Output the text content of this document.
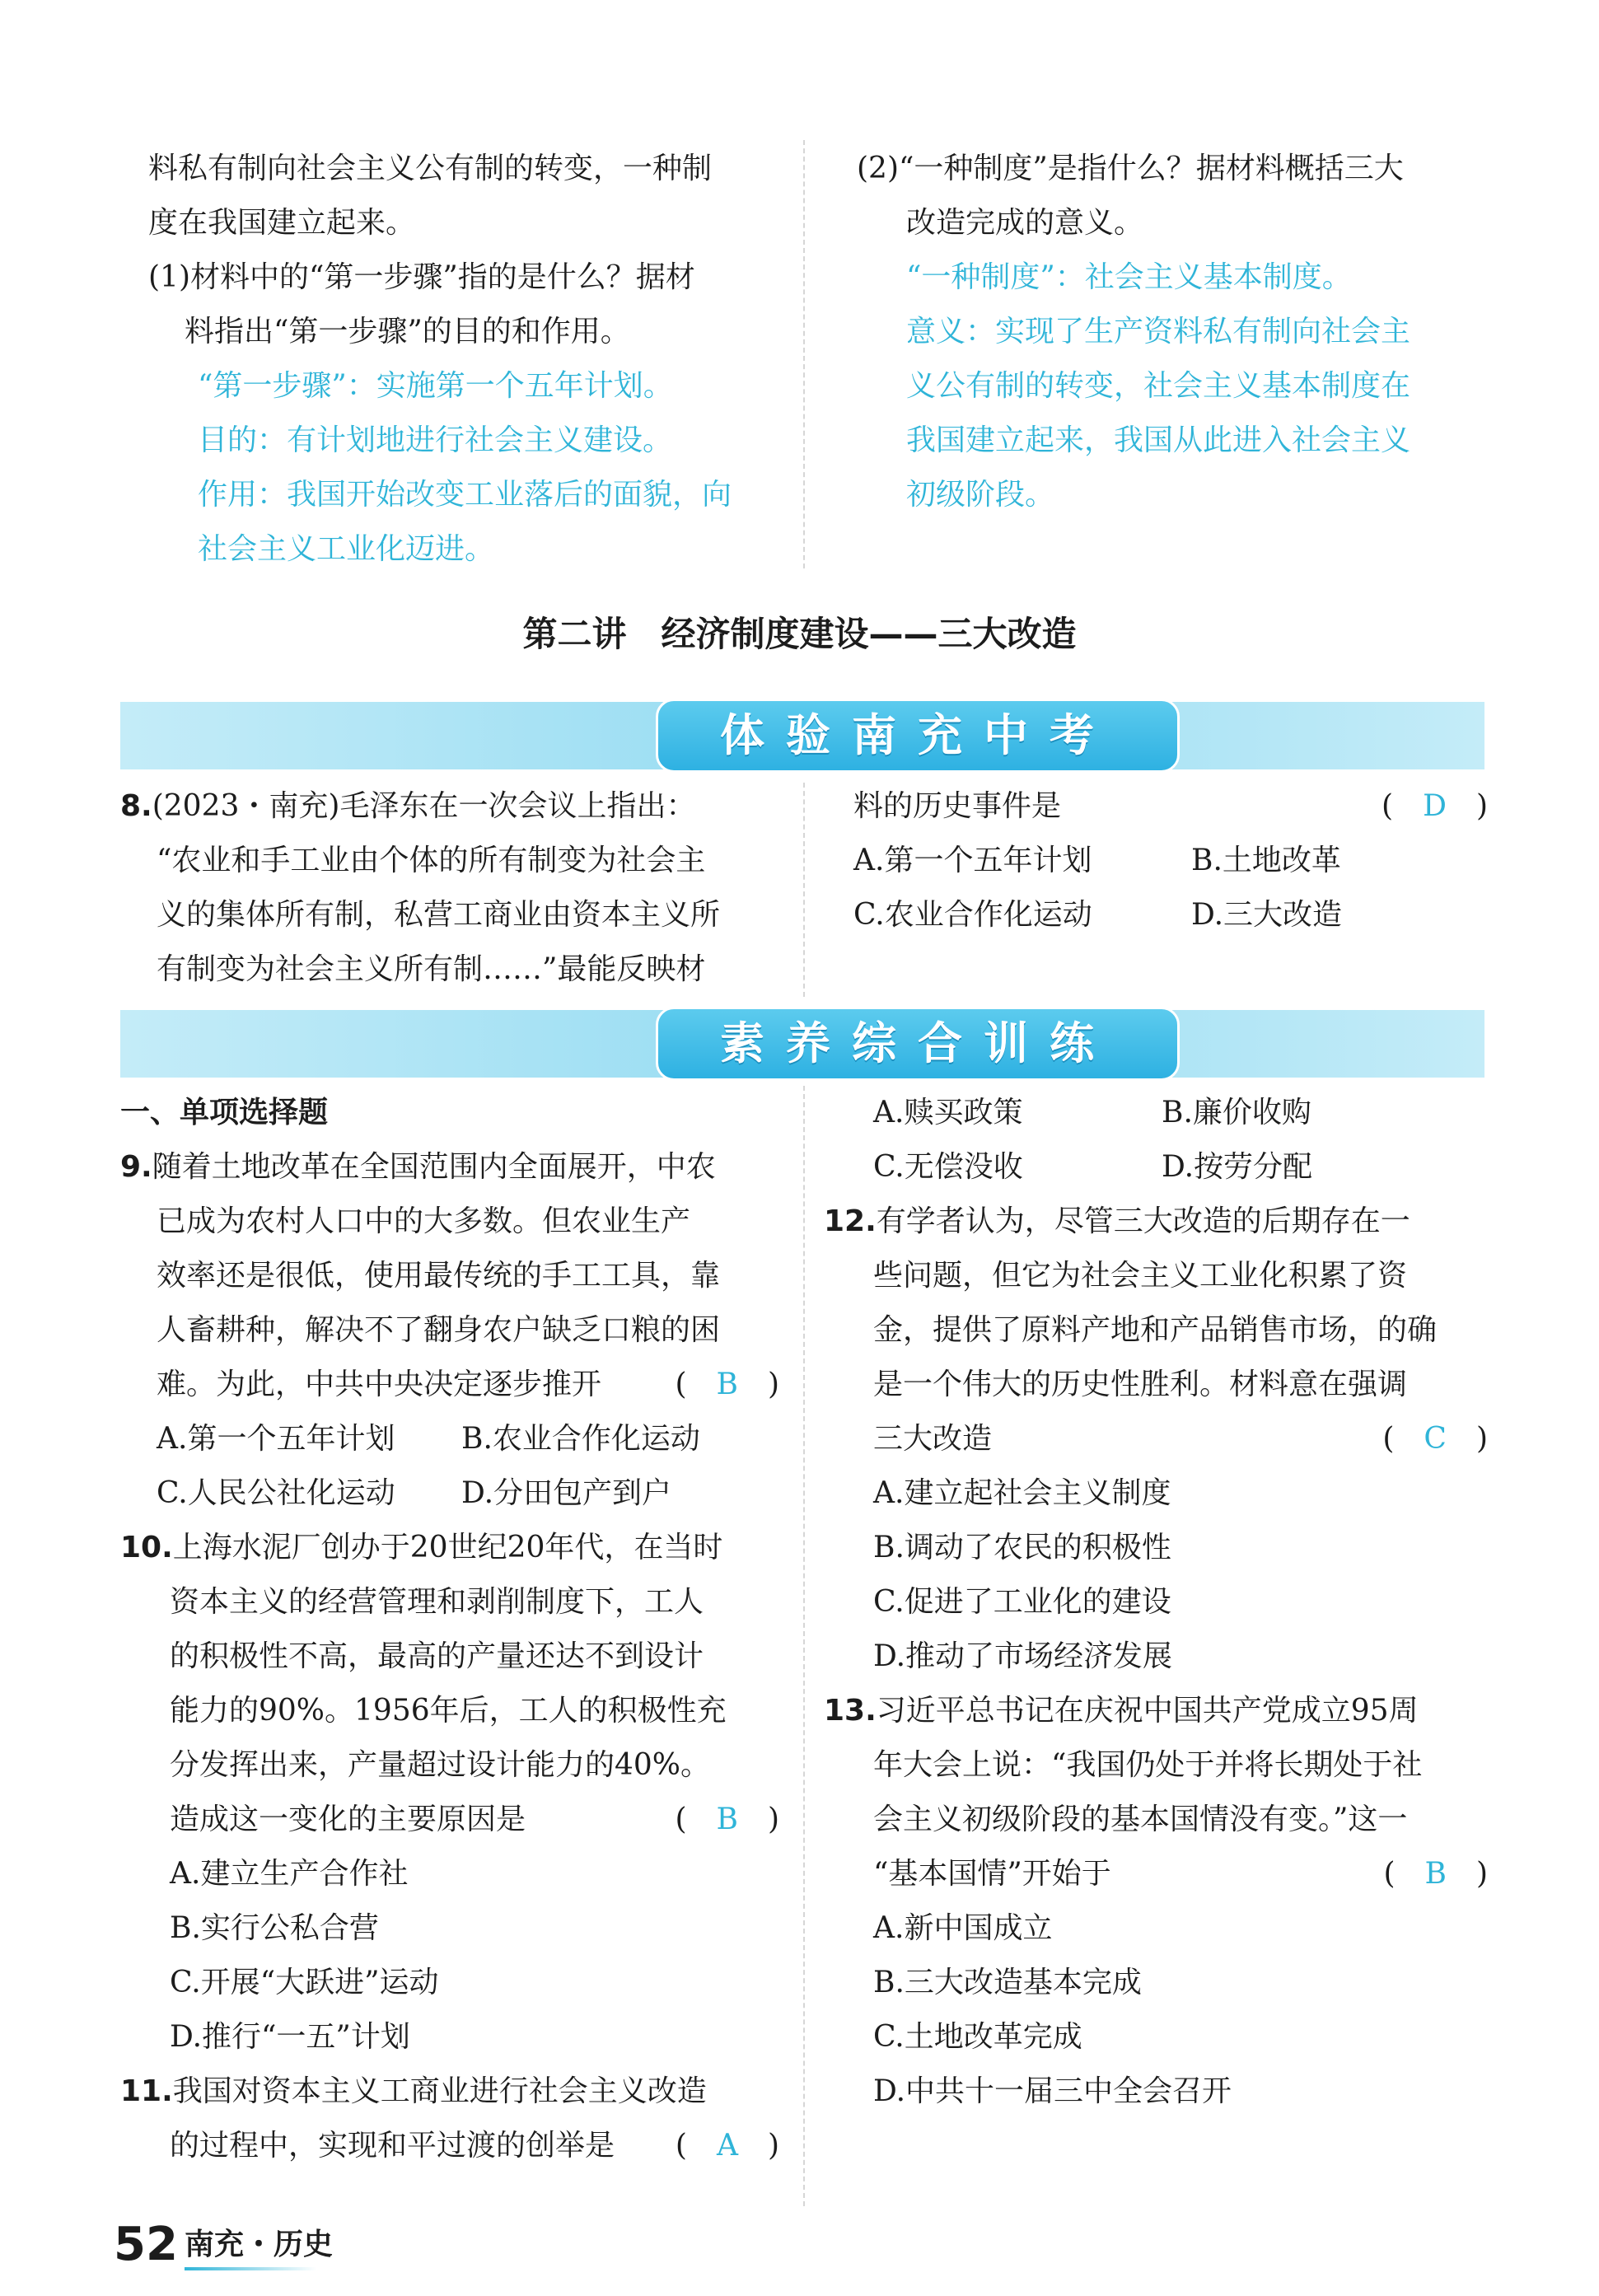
料私有制向社会主义公有制的转变，一种制
度在我国建立起来。
(1)材料中的“第一步骤”指的是什么？据材
料指出“第一步骤”的目的和作用。
“第一步骤”：实施第一个五年计划。
目的：有计划地进行社会主义建设。
作用：我国开始改变工业落后的面貌，向
社会主义工业化迈进。
(2)“一种制度”是指什么？据材料概括三大
改造完成的意义。
“一种制度”：社会主义基本制度。
意义：实现了生产资料私有制向社会主
义公有制的转变，社会主义基本制度在
我国建立起来，我国从此进入社会主义
初级阶段。
第二讲　经济制度建设——三大改造
体验南充中考
8.(2023・南充)毛泽东在一次会议上指出：
“农业和手工业由个体的所有制变为社会主
义的集体所有制，私营工商业由资本主义所
有制变为社会主义所有制……”最能反映材
料的历史事件是	(　D　)
A.第一个五年计划	B.土地改革
C.农业合作化运动	D.三大改造
素养综合训练
一、单项选择题
9.随着土地改革在全国范围内全面展开，中农
已成为农村人口中的大多数。但农业生产
效率还是很低，使用最传统的手工工具，靠
人畜耕种，解决不了翻身农户缺乏口粮的困
难。为此，中共中央决定逐步推开 (　B　)
A.第一个五年计划	B.农业合作化运动
C.人民公社化运动	D.分田包产到户
10.上海水泥厂创办于20世纪20年代，在当时
资本主义的经营管理和剥削制度下，工人
的积极性不高，最高的产量还达不到设计
能力的90%。1956年后，工人的积极性充
分发挥出来，产量超过设计能力的40%。
造成这一变化的主要原因是	(　B　)
A.建立生产合作社
B.实行公私合营
C.开展“大跃进”运动
D.推行“一五”计划
11.我国对资本主义工商业进行社会主义改造
的过程中，实现和平过渡的创举是 (　A　)
A.赎买政策	B.廉价收购
C.无偿没收	D.按劳分配
12.有学者认为，尽管三大改造的后期存在一
些问题，但它为社会主义工业化积累了资
金，提供了原料产地和产品销售市场，的确
是一个伟大的历史性胜利。材料意在强调
三大改造	(　C　)
A.建立起社会主义制度
B.调动了农民的积极性
C.促进了工业化的建设
D.推动了市场经济发展
13.习近平总书记在庆祝中国共产党成立95周
年大会上说：“我国仍处于并将长期处于社
会主义初级阶段的基本国情没有变。”这一
“基本国情”开始于	(　B　)
A.新中国成立
B.三大改造基本完成
C.土地改革完成
D.中共十一届三中全会召开
52 南充・历史
